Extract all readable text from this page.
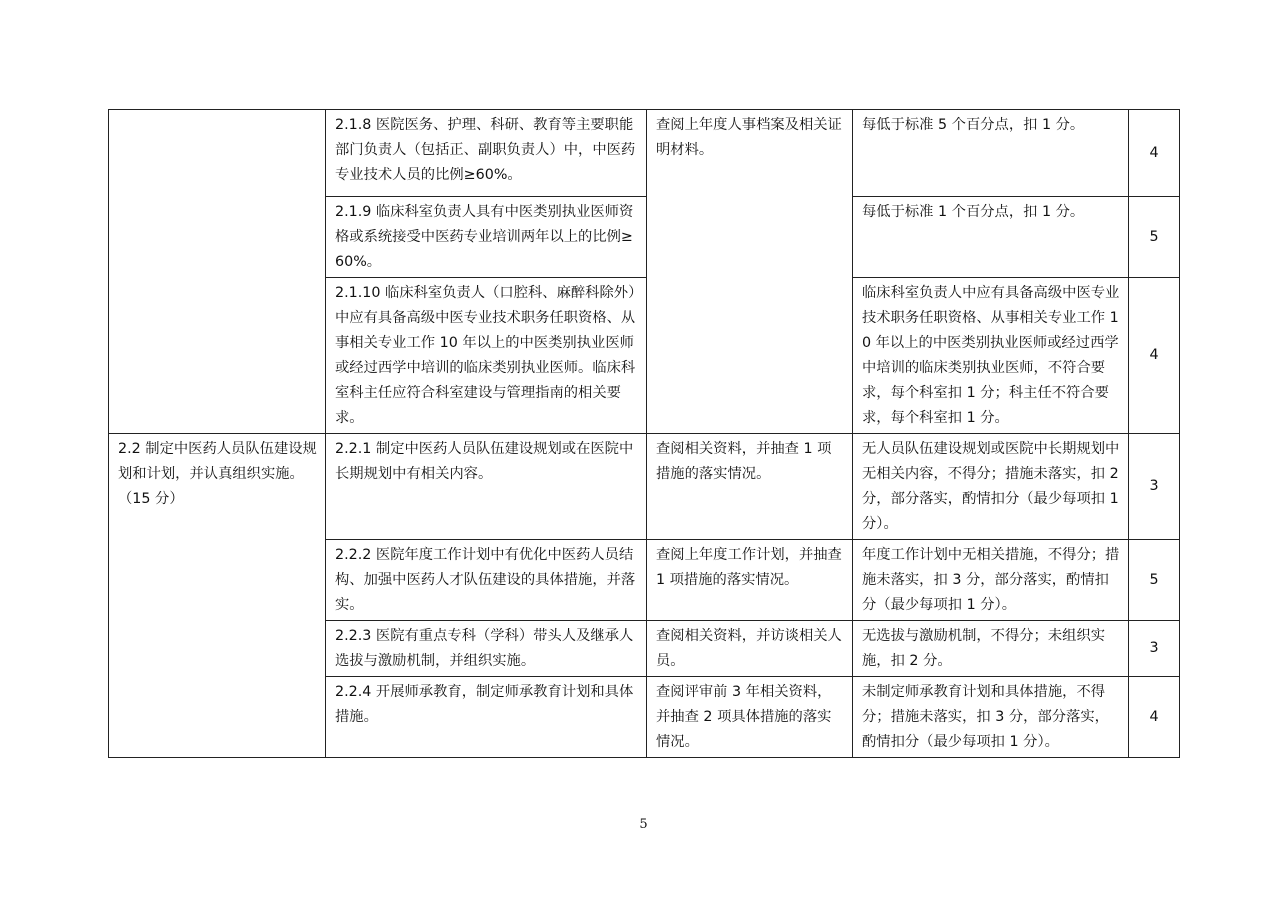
	2.1.8 医院医务、护理、科研、教育等主要职能部门负责人（包括正、副职负责人）中，中医药专业技术人员的比例≥60%。	查阅上年度人事档案及相关证明材料。	每低于标准 5 个百分点，扣 1 分。	4
	2.1.9 临床科室负责人具有中医类别执业医师资格或系统接受中医药专业培训两年以上的比例≥60%。		每低于标准 1 个百分点，扣 1 分。	5
	2.1.10 临床科室负责人（口腔科、麻醉科除外）中应有具备高级中医专业技术职务任职资格、从事相关专业工作 10 年以上的中医类别执业医师或经过西学中培训的临床类别执业医师。临床科室科主任应符合科室建设与管理指南的相关要求。		临床科室负责人中应有具备高级中医专业技术职务任职资格、从事相关专业工作 10 年以上的中医类别执业医师或经过西学中培训的临床类别执业医师，不符合要求，每个科室扣 1 分；科主任不符合要求，每个科室扣 1 分。	4
2.2 制定中医药人员队伍建设规划和计划，并认真组织实施。（15 分）	2.2.1 制定中医药人员队伍建设规划或在医院中长期规划中有相关内容。	查阅相关资料，并抽查 1 项措施的落实情况。	无人员队伍建设规划或医院中长期规划中无相关内容，不得分；措施未落实，扣 2 分，部分落实，酌情扣分（最少每项扣 1 分）。	3
	2.2.2 医院年度工作计划中有优化中医药人员结构、加强中医药人才队伍建设的具体措施，并落实。	查阅上年度工作计划，并抽查 1 项措施的落实情况。	年度工作计划中无相关措施，不得分；措施未落实，扣 3 分，部分落实，酌情扣分（最少每项扣 1 分）。	5
	2.2.3 医院有重点专科（学科）带头人及继承人选拔与激励机制，并组织实施。	查阅相关资料，并访谈相关人员。	无选拔与激励机制，不得分；未组织实施，扣 2 分。	3
	2.2.4 开展师承教育，制定师承教育计划和具体措施。	查阅评审前 3 年相关资料，并抽查 2 项具体措施的落实情况。	未制定师承教育计划和具体措施，不得分；措施未落实，扣 3 分，部分落实，酌情扣分（最少每项扣 1 分）。	4
5
